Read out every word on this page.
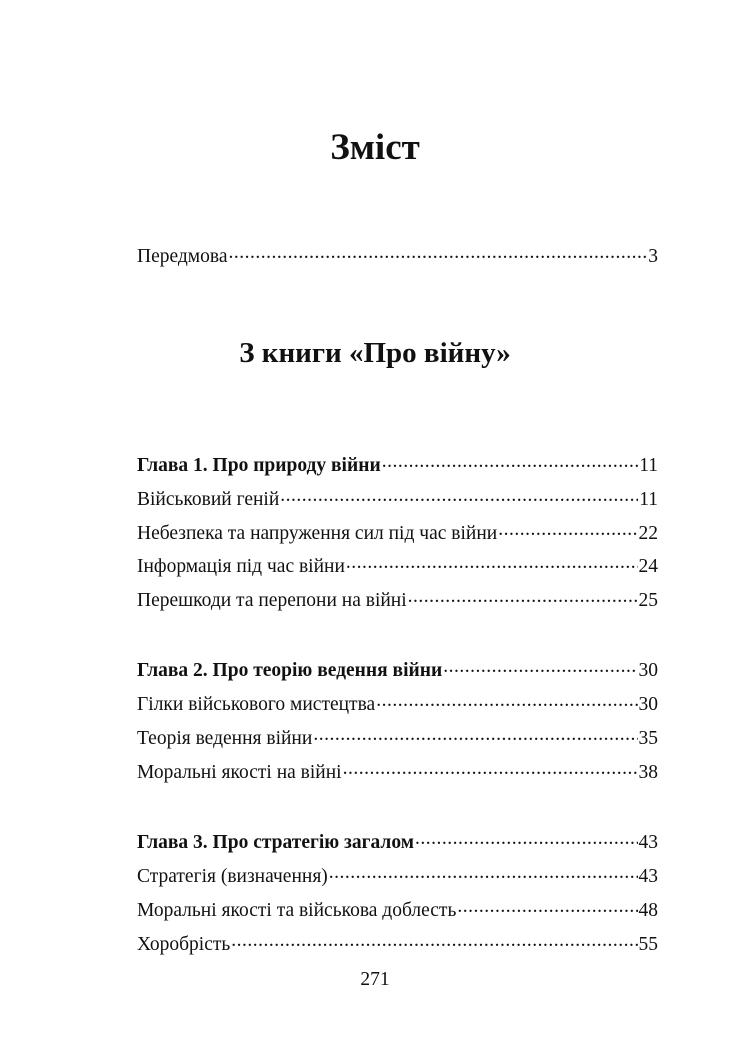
Зміст
Передмова .....	3
З книги «Про війну»
Глава 1. Про природу війни .....	11
Військовий геній .....	11
Небезпека та напруження сил під час війни .....	22
Інформація під час війни .....	24
Перешкоди та перепони на війні .....	25
Глава 2. Про теорію ведення війни .....	30
Гілки військового мистецтва .....	30
Теорія ведення війни .....	35
Моральні якості на війні .....	38
Глава 3. Про стратегію загалом .....	43
Стратегія (визначення) .....	43
Моральні якості та військова доблесть .....	48
Хоробрість .....	55
271
